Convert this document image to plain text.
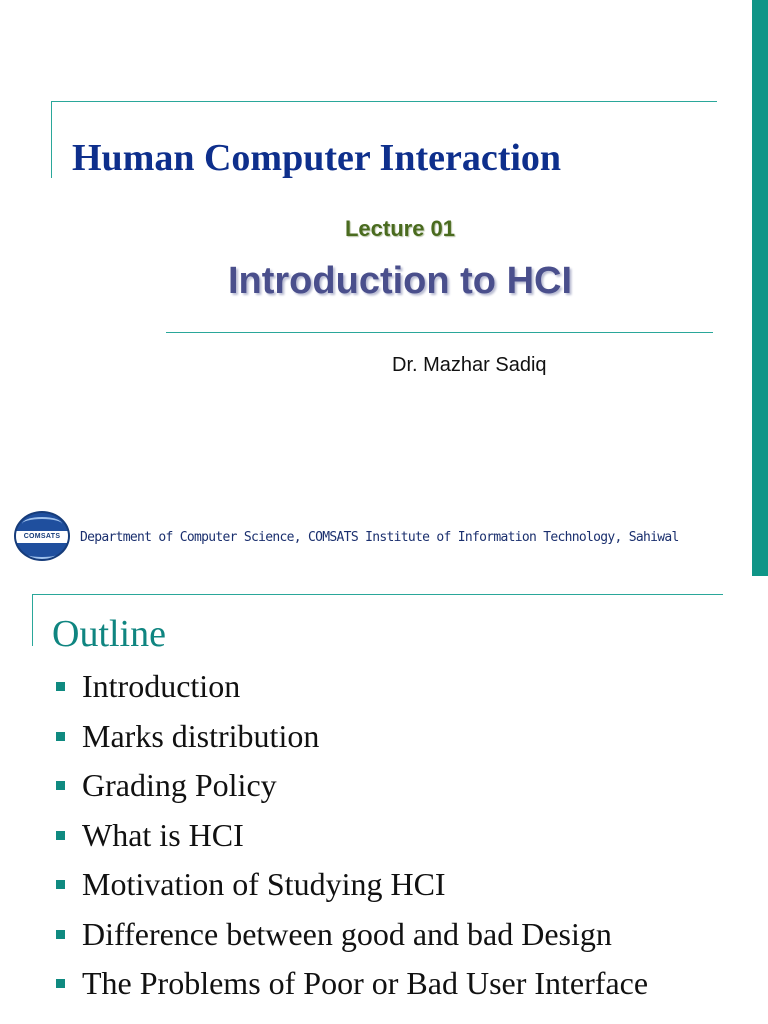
Human Computer Interaction
Lecture 01
Introduction to HCI
Dr. Mazhar Sadiq
COMSATS	Department of Computer Science, COMSATS Institute of Information Technology, Sahiwal
Outline
Introduction
Marks distribution
Grading Policy
What is HCI
Motivation of Studying HCI
Difference between good and bad Design
The Problems of Poor or Bad User Interface
